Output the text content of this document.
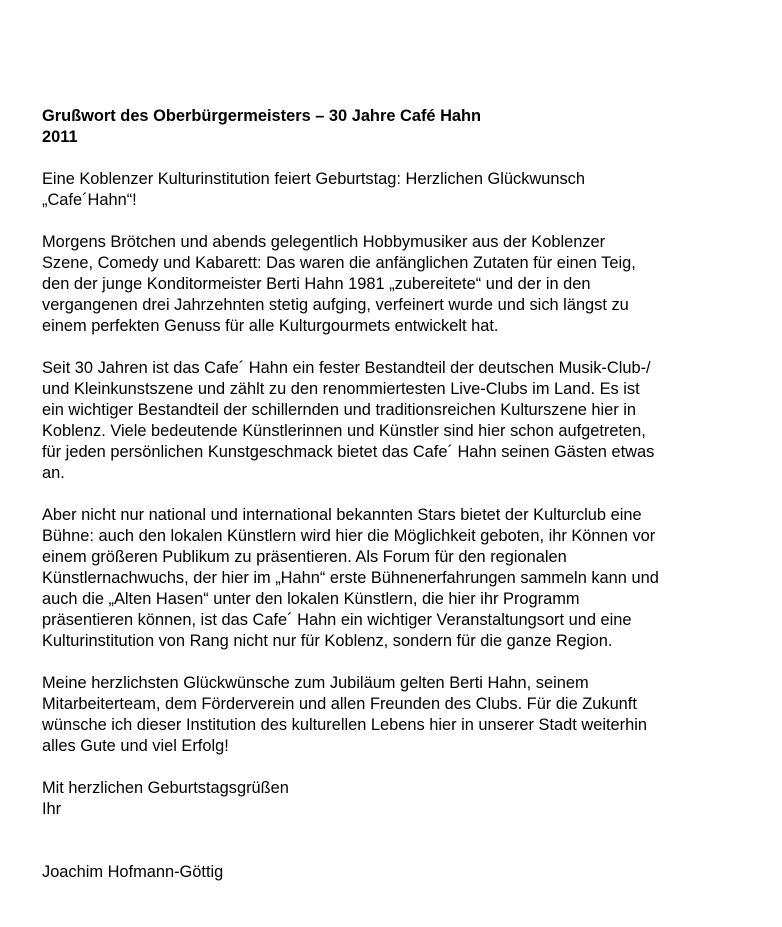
Grußwort des Oberbürgermeisters – 30 Jahre Café Hahn
2011

Eine Koblenzer Kulturinstitution feiert Geburtstag: Herzlichen Glückwunsch
„Cafe´Hahn“!

Morgens Brötchen und abends gelegentlich Hobbymusiker aus der Koblenzer
Szene, Comedy und Kabarett: Das waren die anfänglichen Zutaten für einen Teig,
den der junge Konditormeister Berti Hahn 1981 „zubereitete“ und der in den
vergangenen drei Jahrzehnten stetig aufging, verfeinert wurde und sich längst zu
einem perfekten Genuss für alle Kulturgourmets entwickelt hat.

Seit 30 Jahren ist das Cafe´ Hahn ein fester Bestandteil der deutschen Musik-Club-/
und Kleinkunstszene und zählt zu den renommiertesten Live-Clubs im Land. Es ist
ein wichtiger Bestandteil der schillernden und traditionsreichen Kulturszene hier in
Koblenz. Viele bedeutende Künstlerinnen und Künstler sind hier schon aufgetreten,
für jeden persönlichen Kunstgeschmack bietet das Cafe´ Hahn seinen Gästen etwas
an.

Aber nicht nur national und international bekannten Stars bietet der Kulturclub eine
Bühne: auch den lokalen Künstlern wird hier die Möglichkeit geboten, ihr Können vor
einem größeren Publikum zu präsentieren. Als Forum für den regionalen
Künstlernachwuchs, der hier im „Hahn“ erste Bühnenerfahrungen sammeln kann und
auch die „Alten Hasen“ unter den lokalen Künstlern, die hier ihr Programm
präsentieren können, ist das Cafe´ Hahn ein wichtiger Veranstaltungsort und eine
Kulturinstitution von Rang nicht nur für Koblenz, sondern für die ganze Region.

Meine herzlichsten Glückwünsche zum Jubiläum gelten Berti Hahn, seinem
Mitarbeiterteam, dem Förderverein und allen Freunden des Clubs. Für die Zukunft
wünsche ich dieser Institution des kulturellen Lebens hier in unserer Stadt weiterhin
alles Gute und viel Erfolg!

Mit herzlichen Geburtstagsgrüßen
Ihr

Joachim Hofmann-Göttig
